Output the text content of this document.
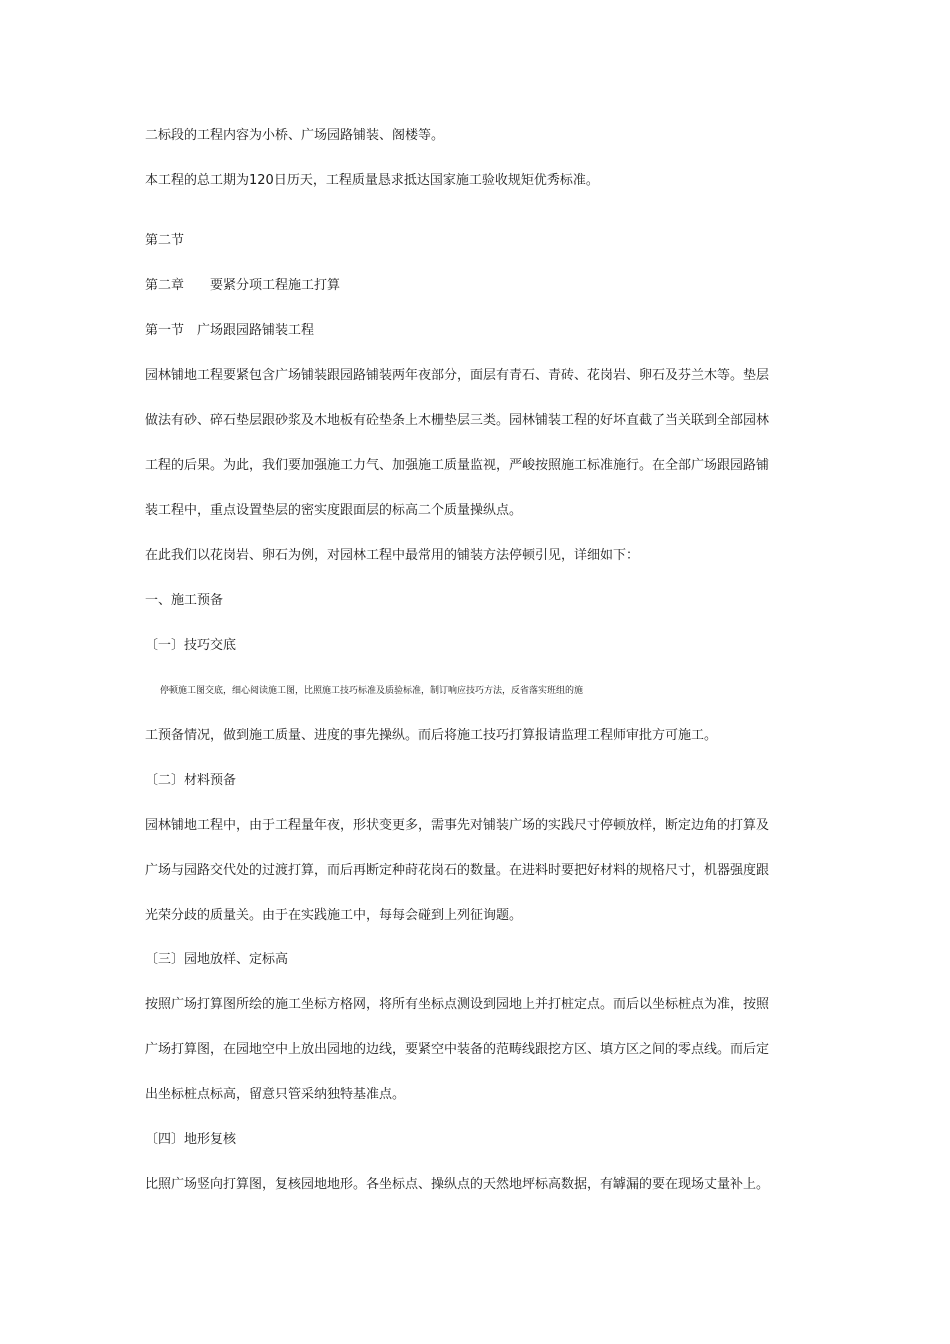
二标段的工程内容为小桥、广场园路铺装、阁楼等。
本工程的总工期为120日历天，工程质量恳求抵达国家施工验收规矩优秀标准。
第二节
第二章　　要紧分项工程施工打算
第一节　广场跟园路铺装工程
园林铺地工程要紧包含广场铺装跟园路铺装两年夜部分，面层有青石、青砖、花岗岩、卵石及芬兰木等。垫层
做法有砂、碎石垫层跟砂浆及木地板有砼垫条上木栅垫层三类。园林铺装工程的好坏直截了当关联到全部园林
工程的后果。为此，我们要加强施工力气、加强施工质量监视，严峻按照施工标准施行。在全部广场跟园路铺
装工程中，重点设置垫层的密实度跟面层的标高二个质量操纵点。
在此我们以花岗岩、卵石为例，对园林工程中最常用的铺装方法停顿引见，详细如下：
一、施工预备
〔一〕技巧交底
停顿施工图交底，细心阅读施工图，比照施工技巧标准及质验标准，制订响应技巧方法，反省落实班组的施
工预备情况，做到施工质量、进度的事先操纵。而后将施工技巧打算报请监理工程师审批方可施工。
〔二〕材料预备
园林铺地工程中，由于工程量年夜，形状变更多，需事先对铺装广场的实践尺寸停顿放样，断定边角的打算及
广场与园路交代处的过渡打算，而后再断定种莳花岗石的数量。在进料时要把好材料的规格尺寸，机器强度跟
光荣分歧的质量关。由于在实践施工中，每每会碰到上列征询题。
〔三〕园地放样、定标高
按照广场打算图所绘的施工坐标方格网，将所有坐标点测设到园地上并打桩定点。而后以坐标桩点为准，按照
广场打算图，在园地空中上放出园地的边线，要紧空中装备的范畴线跟挖方区、填方区之间的零点线。而后定
出坐标桩点标高，留意只管采纳独特基准点。
〔四〕地形复核
比照广场竖向打算图，复核园地地形。各坐标点、操纵点的天然地坪标高数据，有罅漏的要在现场丈量补上。
